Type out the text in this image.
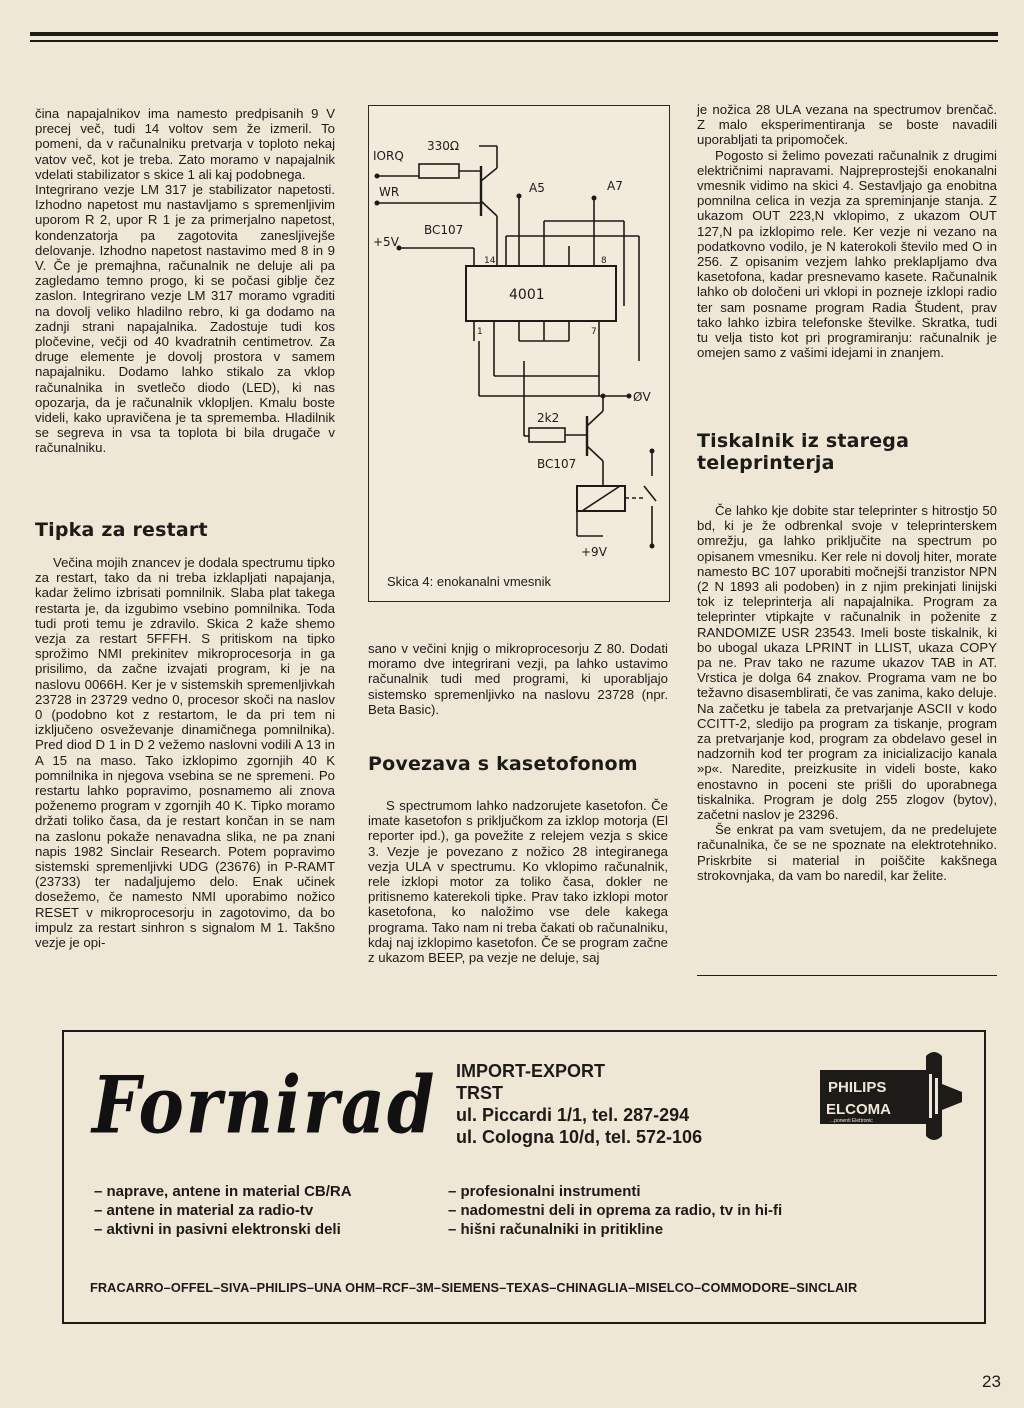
čina napajalnikov ima namesto predpisanih 9 V precej več, tudi 14 voltov sem že izmeril. To pomeni, da v računalniku pretvarja v toploto nekaj vatov več, kot je treba. Zato moramo v napajalnik vdelati stabilizator s skice 1 ali kaj podobnega.

Integrirano vezje LM 317 je stabilizator napetosti. Izhodno napetost mu nastavljamo s spremenljivim uporom R 2, upor R 1 je za primerjalno napetost, kondenzatorja pa zagotovita zanesljivejše delovanje. Izhodno napetost nastavimo med 8 in 9 V. Če je premajhna, računalnik ne deluje ali pa zagledamo temno progo, ki se počasi giblje čez zaslon. Integrirano vezje LM 317 moramo vgraditi na dovolj veliko hladilno rebro, ki ga dodamo na zadnji strani napajalnika. Zadostuje tudi kos pločevine, večji od 40 kvadratnih centimetrov. Za druge elemente je dovolj prostora v samem napajalniku. Dodamo lahko stikalo za vklop računalnika in svetlečo diodo (LED), ki nas opozarja, da je računalnik vklopljen. Kmalu boste videli, kako upravičena je ta sprememba. Hladilnik se segreva in vsa ta toplota bi bila drugače v računalniku.

Tipka za restart

Večina mojih znancev je dodala spectrumu tipko za restart, tako da ni treba izklapljati napajanja, kadar želimo izbrisati pomnilnik. Slaba plat takega restarta je, da izgubimo vsebino pomnilnika. Toda tudi proti temu je zdravilo. Skica 2 kaže shemo vezja za restart 5FFFH. S pritiskom na tipko sprožimo NMI prekinitev mikroprocesorja in ga prisilimo, da začne izvajati program, ki je na naslovu 0066H. Ker je v sistemskih spremenljivkah 23728 in 23729 vedno 0, procesor skoči na naslov 0 (podobno kot z restartom, le da pri tem ni izključeno osveževanje dinamičnega pomnilnika). Pred diod D 1 in D 2 vežemo naslovni vodili A 13 in A 15 na maso. Tako izklopimo zgornjih 40 K pomnilnika in njegova vsebina se ne spremeni. Po restartu lahko popravimo, posnamemo ali znova poženemo program v zgornjih 40 K. Tipko moramo držati toliko časa, da je restart končan in se nam na zaslonu pokaže nenavadna slika, ne pa znani napis 1982 Sinclair Research. Potem popravimo sistemski spremenljivki UDG (23676) in P-RAMT (23733) ter nadaljujemo delo. Enak učinek dosežemo, če namesto NMI uporabimo nožico RESET v mikroprocesorju in zagotovimo, da bo impulz za restart sinhron s signalom M 1. Takšno vezje je opi-

IORQ
WR
+5V
330Ω
BC107
A5	A7
4001
14	8
1	7
ØV
2k2
BC107
+9V
Skica 4: enokanalni vmesnik

sano v večini knjig o mikroprocesorju Z 80. Dodati moramo dve integrirani vezji, pa lahko ustavimo računalnik tudi med programi, ki uporabljajo sistemsko spremenljivko na naslovu 23728 (npr. Beta Basic).

Povezava s kasetofonom

S spectrumom lahko nadzorujete kasetofon. Če imate kasetofon s priključkom za izklop motorja (El reporter ipd.), ga povežite z relejem vezja s skice 3. Vezje je povezano z nožico 28 integiranega vezja ULA v spectrumu. Ko vklopimo računalnik, rele izklopi motor za toliko časa, dokler ne pritisnemo katerekoli tipke. Prav tako izklopi motor kasetofona, ko naložimo vse dele kakega programa. Tako nam ni treba čakati ob računalniku, kdaj naj izklopimo kasetofon. Če se program začne z ukazom BEEP, pa vezje ne deluje, saj

je nožica 28 ULA vezana na spectrumov brenčač. Z malo eksperimentiranja se boste navadili uporabljati ta pripomoček.

Pogosto si želimo povezati računalnik z drugimi električnimi napravami. Najpreprostejši enokanalni vmesnik vidimo na skici 4. Sestavljajo ga enobitna pomnilna celica in vezja za spreminjanje stanja. Z ukazom OUT 223,N vklopimo, z ukazom OUT 127,N pa izklopimo rele. Ker vezje ni vezano na podatkovno vodilo, je N katerokoli število med O in 256. Z opisanim vezjem lahko preklapljamo dva kasetofona, kadar presnevamo kasete. Računalnik lahko ob določeni uri vklopi in pozneje izklopi radio ter sam posname program Radia Študent, prav tako lahko izbira telefonske številke. Skratka, tudi tu velja tisto kot pri programiranju: računalnik je omejen samo z vašimi idejami in znanjem.

Tiskalnik iz starega teleprinterja

Če lahko kje dobite star teleprinter s hitrostjo 50 bd, ki je že odbrenkal svoje v teleprinterskem omrežju, ga lahko priključite na spectrum po opisanem vmesniku. Ker rele ni dovolj hiter, morate namesto BC 107 uporabiti močnejši tranzistor NPN (2 N 1893 ali podoben) in z njim prekinjati linijski tok iz teleprinterja ali napajalnika. Program za teleprinter vtipkajte v računalnik in poženite z RANDOMIZE USR 23543. Imeli boste tiskalnik, ki bo ubogal ukaza LPRINT in LLIST, ukaza COPY pa ne. Prav tako ne razume ukazov TAB in AT. Vrstica je dolga 64 znakov. Programa vam ne bo težavno disasemblirati, če vas zanima, kako deluje. Na začetku je tabela za pretvarjanje ASCII v kodo CCITT-2, sledijo pa program za tiskanje, program za pretvarjanje kod, program za obdelavo gesel in nadzornih kod ter program za inicializacijo kanala »p«. Naredite, preizkusite in videli boste, kako enostavno in poceni ste prišli do uporabnega tiskalnika. Program je dolg 255 zlogov (bytov), začetni naslov je 23296.

Še enkrat pa vam svetujem, da ne predelujete računalnika, če se ne spoznate na elektrotehniko. Priskrbite si material in poiščite kakšnega strokovnjaka, da vam bo naredil, kar želite.

Fornirad IMPORT-EXPORT
TRST
ul. Piccardi 1/1, tel. 287-294
ul. Cologna 10/d, tel. 572-106
PHILIPS
ELCOMA
...ponenti Elettronic
– naprave, antene in material CB/RA
– antene in material za radio-tv
– aktivni in pasivni elektronski deli
– profesionalni instrumenti
– nadomestni deli in oprema za radio, tv in hi-fi
– hišni računalniki in pritikline
FRACARRO–OFFEL–SIVA–PHILIPS–UNA OHM–RCF–3M–SIEMENS–TEXAS–CHINAGLIA–MISELCO–COMMODORE–SINCLAIR
23
